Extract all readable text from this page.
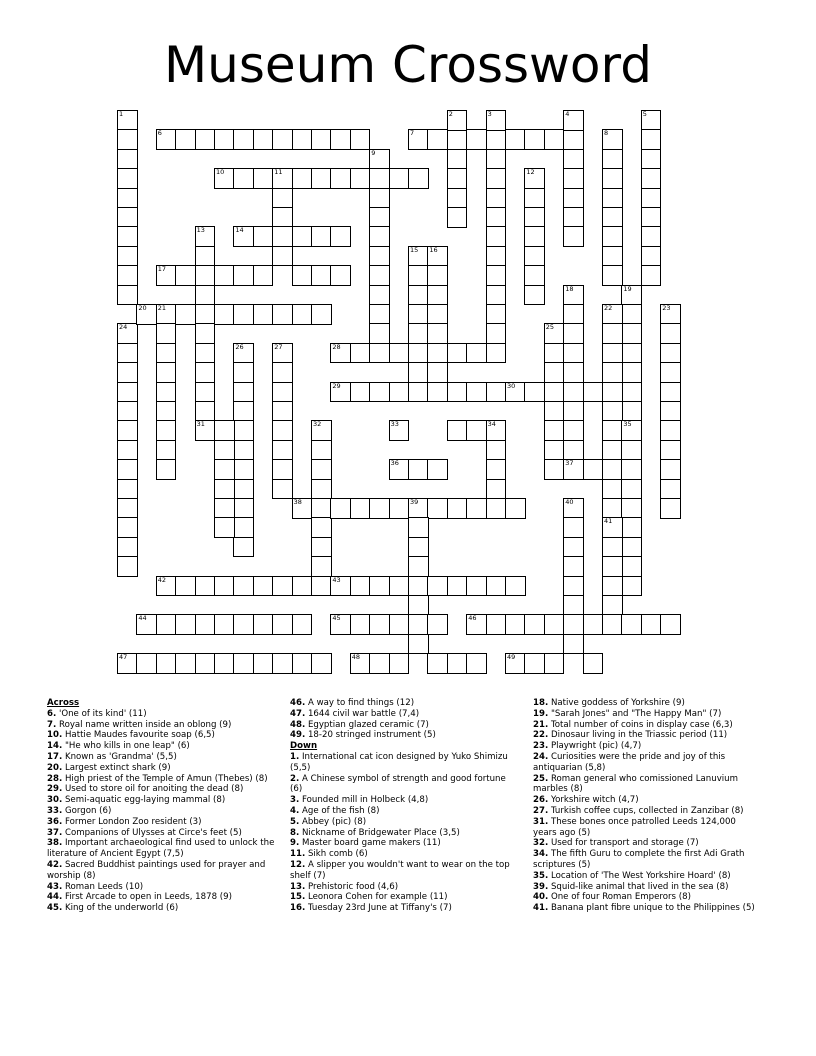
Museum Crossword
1
24
6	7
2	3	4	5
8
9
10	11	12
13	14
15 16
17
18	19
20 21	22	23
25
26	27	28
29	30
31	32	33	34	35
36	37
38	39	40
41
42	43
44	45	46
47	48	49
Across
6. 'One of its kind' (11)
7. Royal name written inside an oblong (9)
10. Hattie Maudes favourite soap (6,5)
14. "He who kills in one leap" (6)
17. Known as 'Grandma' (5,5)
20. Largest extinct shark (9)
28. High priest of the Temple of Amun (Thebes) (8)
29. Used to store oil for anoiting the dead (8)
30. Semi-aquatic egg-laying mammal (8)
33. Gorgon (6)
36. Former London Zoo resident (3)
37. Companions of Ulysses at Circe's feet (5)
38. Important archaeological find used to unlock the literature of Ancient Egypt (7,5)
42. Sacred Buddhist paintings used for prayer and worship (8)
43. Roman Leeds (10)
44. First Arcade to open in Leeds, 1878 (9)
45. King of the underworld (6)
46. A way to find things (12)
47. 1644 civil war battle (7,4)
48. Egyptian glazed ceramic (7)
49. 18-20 stringed instrument (5)
Down
1. International cat icon designed by Yuko Shimizu (5,5)
2. A Chinese symbol of strength and good fortune (6)
3. Founded mill in Holbeck (4,8)
4. Age of the fish (8)
5. Abbey (pic) (8)
8. Nickname of Bridgewater Place (3,5)
9. Master board game makers (11)
11. Sikh comb (6)
12. A slipper you wouldn't want to wear on the top shelf (7)
13. Prehistoric food (4,6)
15. Leonora Cohen for example (11)
16. Tuesday 23rd June at Tiffany's (7)
18. Native goddess of Yorkshire (9)
19. "Sarah Jones" and "The Happy Man" (7)
21. Total number of coins in display case (6,3)
22. Dinosaur living in the Triassic period (11)
23. Playwright (pic) (4,7)
24. Curiosities were the pride and joy of this antiquarian (5,8)
25. Roman general who comissioned Lanuvium marbles (8)
26. Yorkshire witch (4,7)
27. Turkish coffee cups, collected in Zanzibar (8)
31. These bones once patrolled Leeds 124,000 years ago (5)
32. Used for transport and storage (7)
34. The fifth Guru to complete the first Adi Grath scriptures (5)
35. Location of 'The West Yorkshire Hoard' (8)
39. Squid-like animal that lived in the sea (8)
40. One of four Roman Emperors (8)
41. Banana plant fibre unique to the Philippines (5)
